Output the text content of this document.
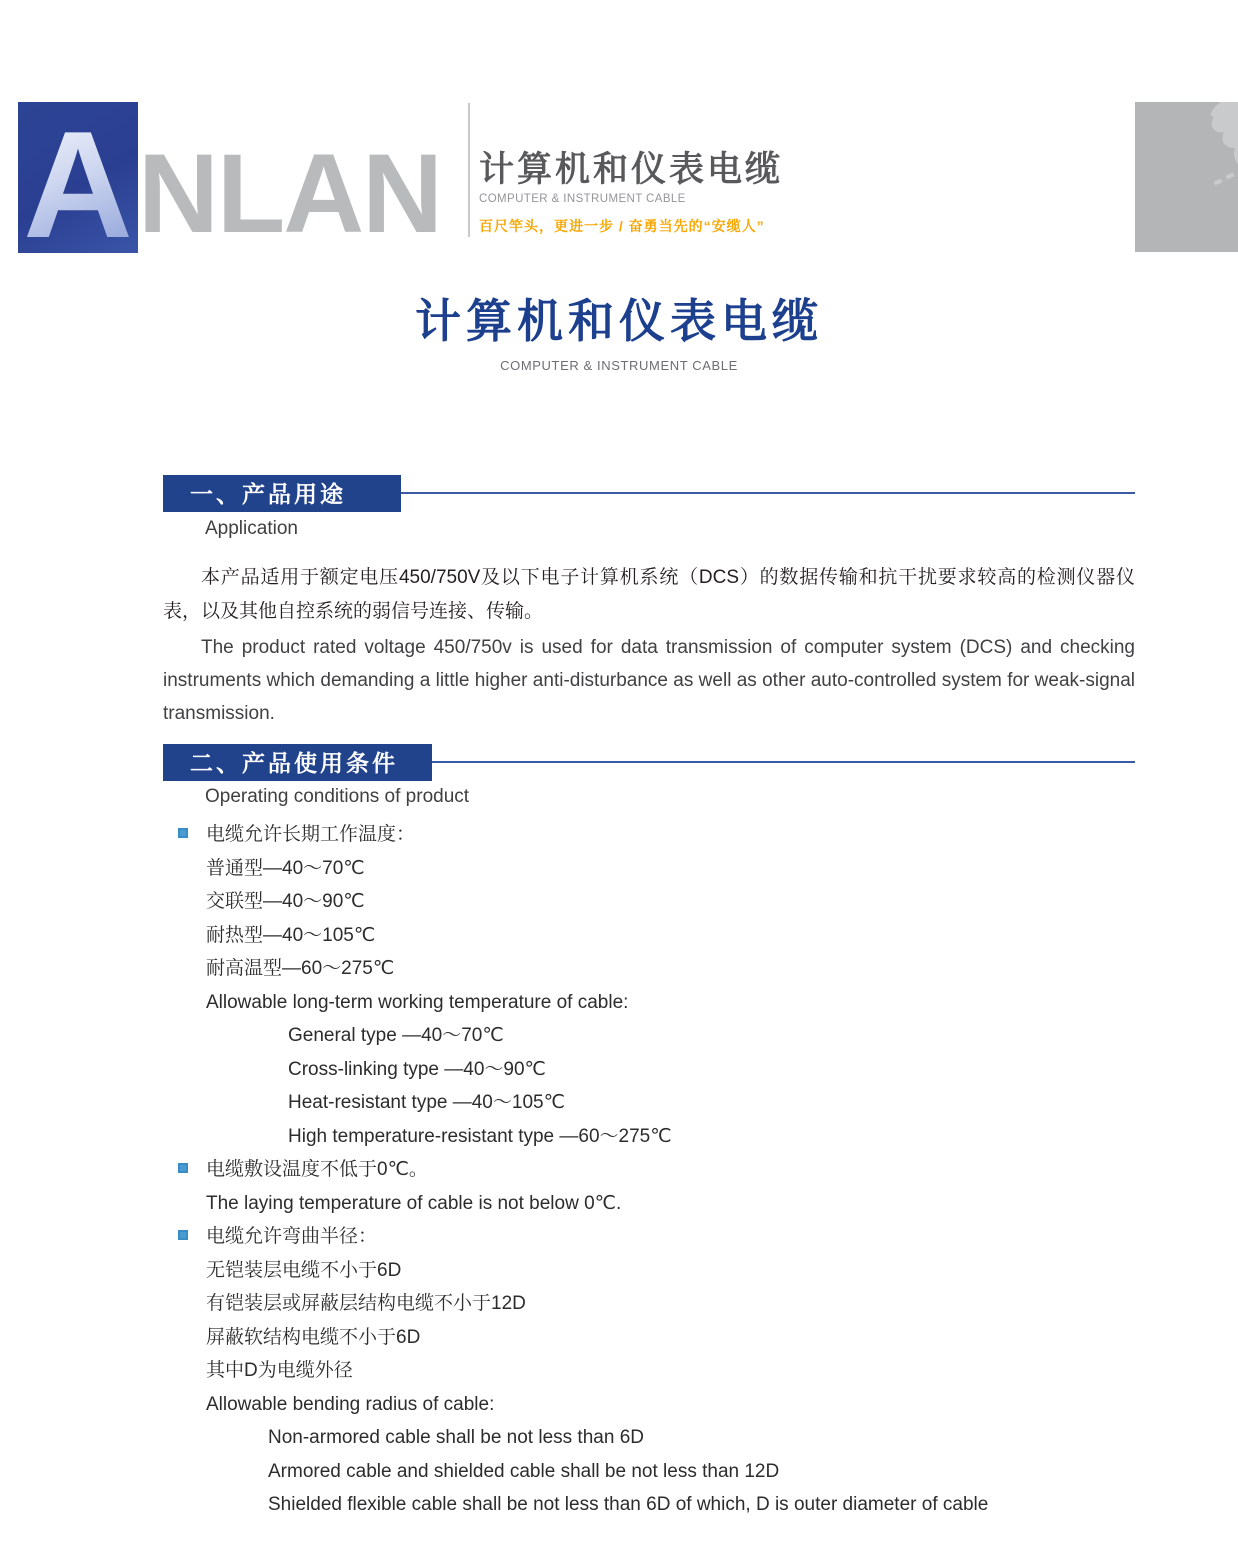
A NLAN 计算机和仪表电缆
COMPUTER & INSTRUMENT CABLE
百尺竿头，更进一步 / 奋勇当先的“安缆人”
计算机和仪表电缆
COMPUTER & INSTRUMENT CABLE
一、产品用途
Application
本产品适用于额定电压450/750V及以下电子计算机系统（DCS）的数据传输和抗干扰要求较高的检测仪器仪表，以及其他自控系统的弱信号连接、传输。
The product rated voltage 450/750v is used for data transmission of computer system (DCS) and checking instruments which demanding a little higher anti-disturbance as well as other auto-controlled system for weak-signal transmission.
二、产品使用条件
Operating conditions of product
电缆允许长期工作温度：
普通型—40～70℃
交联型—40～90℃
耐热型—40～105℃
耐高温型—60～275℃
Allowable long-term working temperature of cable:
General type —40～70℃
Cross-linking type —40～90℃
Heat-resistant type —40～105℃
High temperature-resistant type —60～275℃
电缆敷设温度不低于0℃。
The laying temperature of cable is not below 0℃.
电缆允许弯曲半径：
无铠装层电缆不小于6D
有铠装层或屏蔽层结构电缆不小于12D
屏蔽软结构电缆不小于6D
其中D为电缆外径
Allowable bending radius of cable:
Non-armored cable shall be not less than 6D
Armored cable and shielded cable shall be not less than 12D
Shielded flexible cable shall be not less than 6D of which, D is outer diameter of cable
